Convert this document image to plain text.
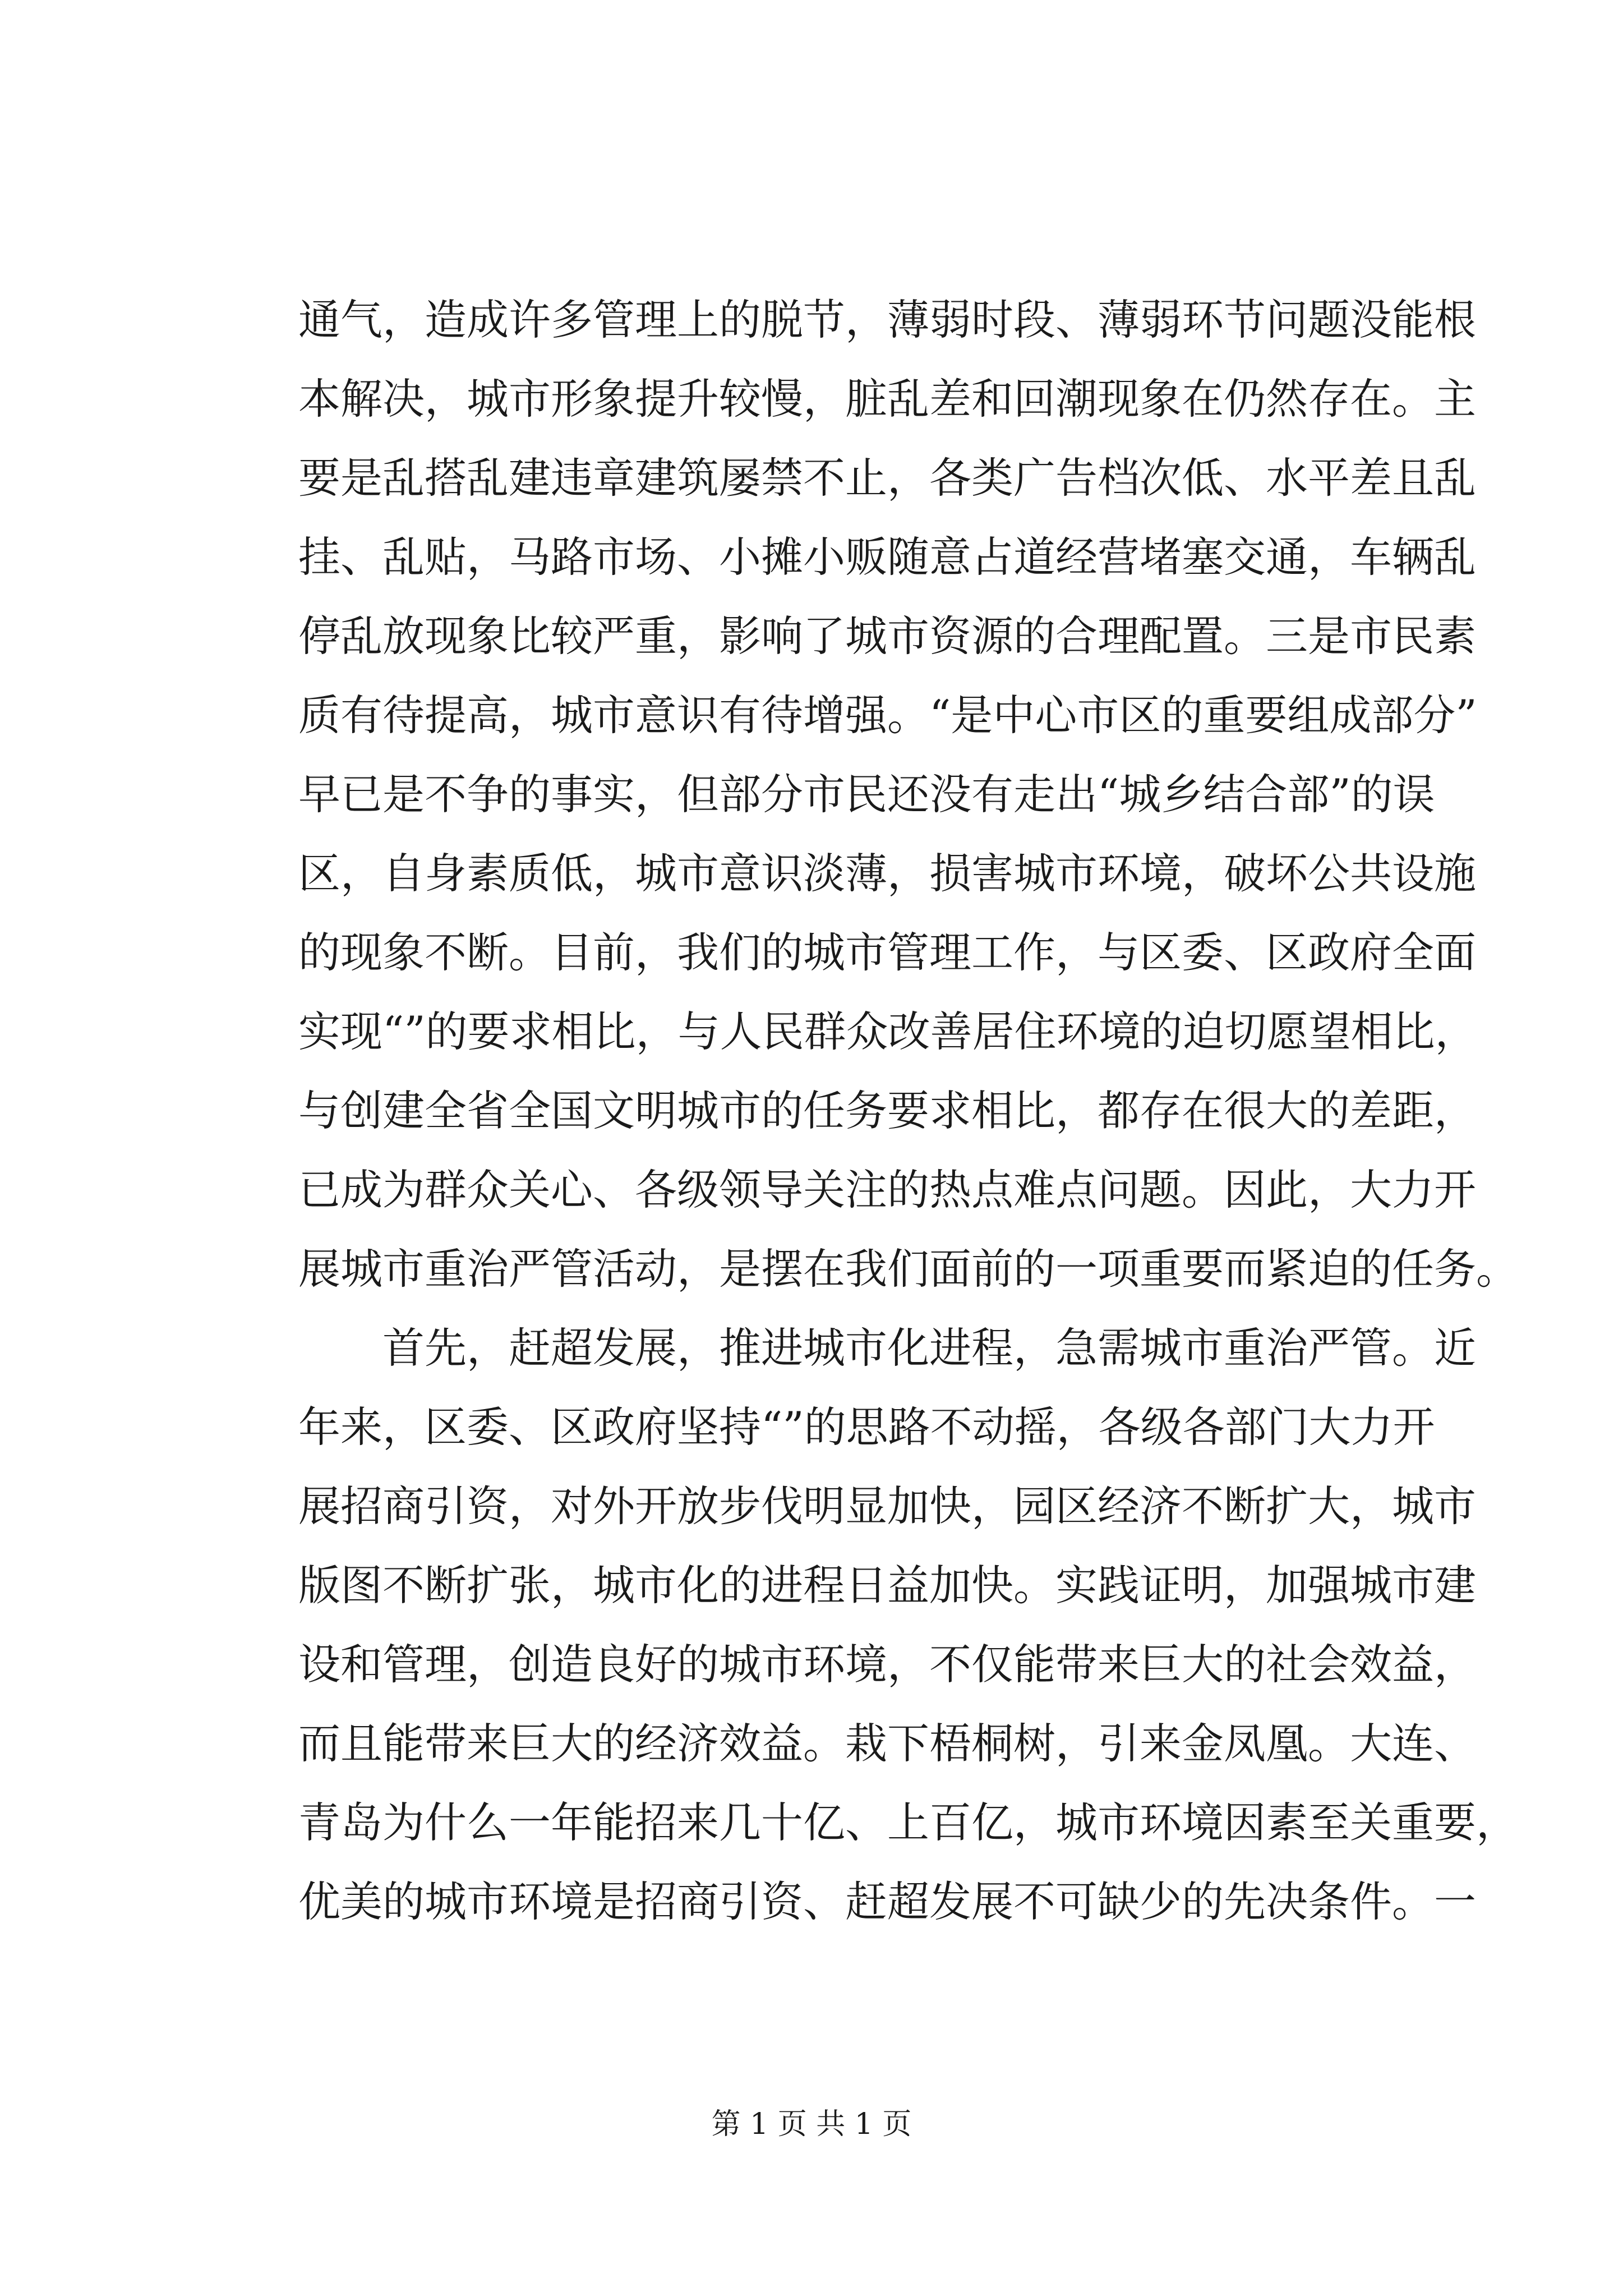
通气，造成许多管理上的脱节，薄弱时段、薄弱环节问题没能根
本解决，城市形象提升较慢，脏乱差和回潮现象在仍然存在。主
要是乱搭乱建违章建筑屡禁不止，各类广告档次低、水平差且乱
挂、乱贴，马路市场、小摊小贩随意占道经营堵塞交通，车辆乱
停乱放现象比较严重，影响了城市资源的合理配置。三是市民素
质有待提高，城市意识有待增强。“是中心市区的重要组成部分”
早已是不争的事实，但部分市民还没有走出“城乡结合部”的误
区，自身素质低，城市意识淡薄，损害城市环境，破坏公共设施
的现象不断。目前，我们的城市管理工作，与区委、区政府全面
实现“”的要求相比，与人民群众改善居住环境的迫切愿望相比，
与创建全省全国文明城市的任务要求相比，都存在很大的差距，
已成为群众关心、各级领导关注的热点难点问题。因此，大力开
展城市重治严管活动，是摆在我们面前的一项重要而紧迫的任务。
首先，赶超发展，推进城市化进程，急需城市重治严管。近
年来，区委、区政府坚持“”的思路不动摇，各级各部门大力开
展招商引资，对外开放步伐明显加快，园区经济不断扩大，城市
版图不断扩张，城市化的进程日益加快。实践证明，加强城市建
设和管理，创造良好的城市环境，不仅能带来巨大的社会效益，
而且能带来巨大的经济效益。栽下梧桐树，引来金凤凰。大连、
青岛为什么一年能招来几十亿、上百亿，城市环境因素至关重要，
优美的城市环境是招商引资、赶超发展不可缺少的先决条件。一
第 1 页 共 1 页
